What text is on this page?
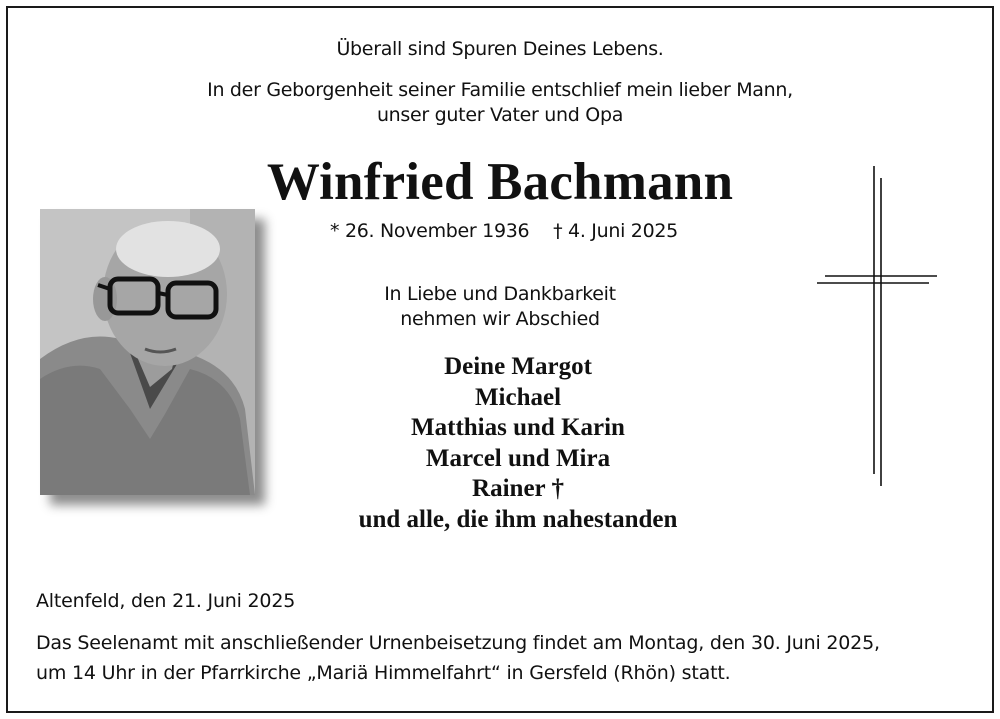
Überall sind Spuren Deines Lebens.
In der Geborgenheit seiner Familie entschlief mein lieber Mann,
unser guter Vater und Opa
Winfried Bachmann
* 26. November 1936 † 4. Juni 2025
In Liebe und Dankbarkeit
nehmen wir Abschied
Deine Margot
Michael
Matthias und Karin
Marcel und Mira
Rainer †
und alle, die ihm nahestanden
Altenfeld, den 21. Juni 2025
Das Seelenamt mit anschließender Urnenbeisetzung findet am Montag, den 30. Juni 2025,
um 14 Uhr in der Pfarrkirche „Mariä Himmelfahrt“ in Gersfeld (Rhön) statt.
